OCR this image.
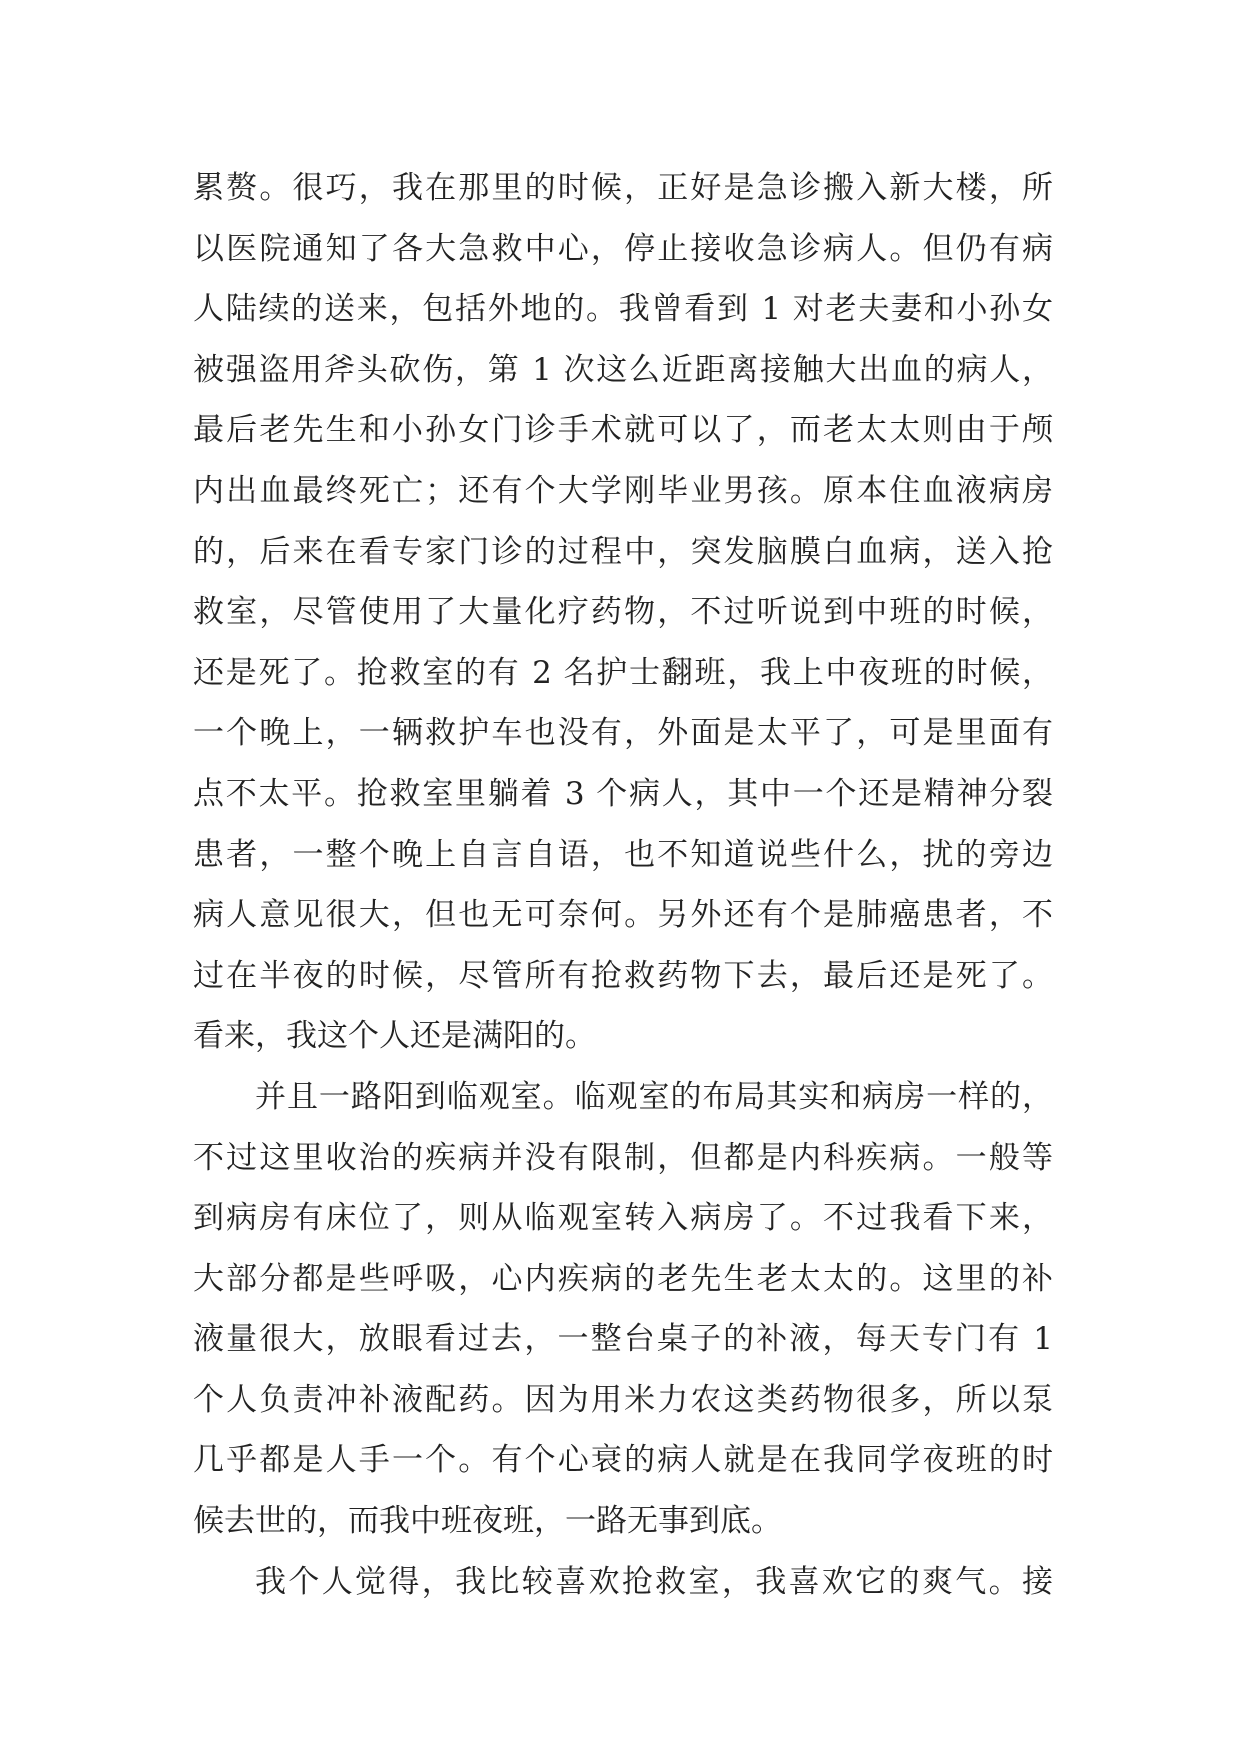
累赘。很巧，我在那里的时候，正好是急诊搬入新大楼，所
以医院通知了各大急救中心，停止接收急诊病人。但仍有病
人陆续的送来，包括外地的。我曾看到 1 对老夫妻和小孙女
被强盗用斧头砍伤，第 1 次这么近距离接触大出血的病人，
最后老先生和小孙女门诊手术就可以了，而老太太则由于颅
内出血最终死亡；还有个大学刚毕业男孩。原本住血液病房
的，后来在看专家门诊的过程中，突发脑膜白血病，送入抢
救室，尽管使用了大量化疗药物，不过听说到中班的时候，
还是死了。抢救室的有 2 名护士翻班，我上中夜班的时候，
一个晚上，一辆救护车也没有，外面是太平了，可是里面有
点不太平。抢救室里躺着 3 个病人，其中一个还是精神分裂
患者，一整个晚上自言自语，也不知道说些什么，扰的旁边
病人意见很大，但也无可奈何。另外还有个是肺癌患者，不
过在半夜的时候，尽管所有抢救药物下去，最后还是死了。
看来，我这个人还是满阳的。
并且一路阳到临观室。临观室的布局其实和病房一样的，
不过这里收治的疾病并没有限制，但都是内科疾病。一般等
到病房有床位了，则从临观室转入病房了。不过我看下来，
大部分都是些呼吸，心内疾病的老先生老太太的。这里的补
液量很大，放眼看过去，一整台桌子的补液，每天专门有 1
个人负责冲补液配药。因为用米力农这类药物很多，所以泵
几乎都是人手一个。有个心衰的病人就是在我同学夜班的时
候去世的，而我中班夜班，一路无事到底。
我个人觉得，我比较喜欢抢救室，我喜欢它的爽气。接
